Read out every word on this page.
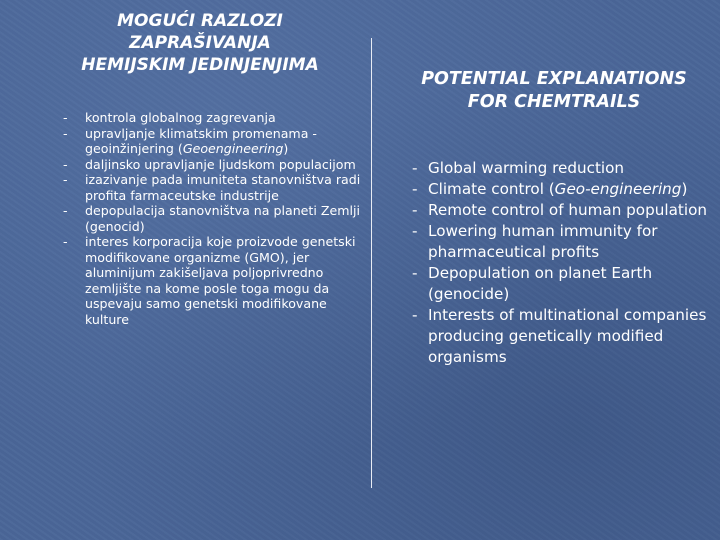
MOGUĆI RAZLOZI
ZAPRAŠIVANJA
HEMIJSKIM JEDINJENJIMA
- kontrola globalnog zagrevanja
- upravljanje klimatskim promenama - geoinžinjering (Geoengineering)
- daljinsko upravljanje ljudskom populacijom
- izazivanje pada imuniteta stanovništva radi profita farmaceutske industrije
- depopulacija stanovništva na planeti Zemlji (genocid)
- interes korporacija koje proizvode genetski modifikovane organizme (GMO), jer aluminijum zakišeljava poljoprivredno zemljište na kome posle toga mogu da uspevaju samo genetski modifikovane kulture
POTENTIAL EXPLANATIONS
FOR CHEMTRAILS
- Global warming reduction
- Climate control (Geo-engineering)
- Remote control of human population
- Lowering human immunity for pharmaceutical profits
- Depopulation on planet Earth (genocide)
- Interests of multinational companies producing genetically modified organisms
